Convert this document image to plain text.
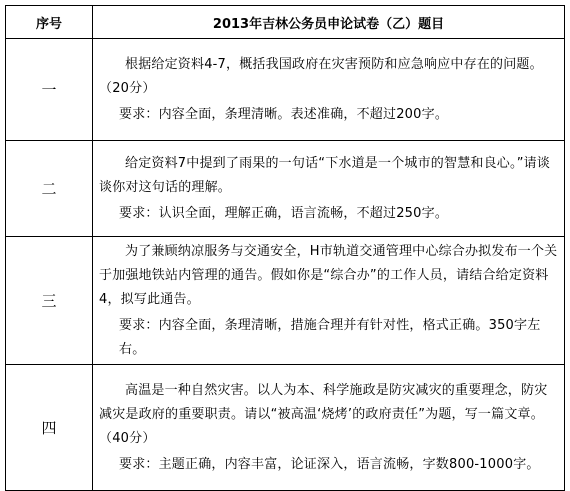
序号	2013年吉林公务员申论试卷（乙）题目
一	根据给定资料4-7，概括我国政府在灾害预防和应急响应中存在的问题。

（20分）

要求：内容全面，条理清晰。表述准确，不超过200字。

二	给定资料7中提到了雨果的一句话“下水道是一个城市的智慧和良心。”请谈谈你对这句话的理解。

要求：认识全面，理解正确，语言流畅，不超过250字。

三	为了兼顾纳凉服务与交通安全，H市轨道交通管理中心综合办拟发布一个关于加强地铁站内管理的通告。假如你是“综合办”的工作人员，请结合给定资料4，拟写此通告。

要求：内容全面，条理清晰，措施合理并有针对性，格式正确。350字左右。

四	高温是一种自然灾害。以人为本、科学施政是防灾减灾的重要理念，防灾减灾是政府的重要职责。请以“被高温‘烧烤’的政府责任”为题，写一篇文章。（40分）

要求：主题正确，内容丰富，论证深入，语言流畅，字数800-1000字。
